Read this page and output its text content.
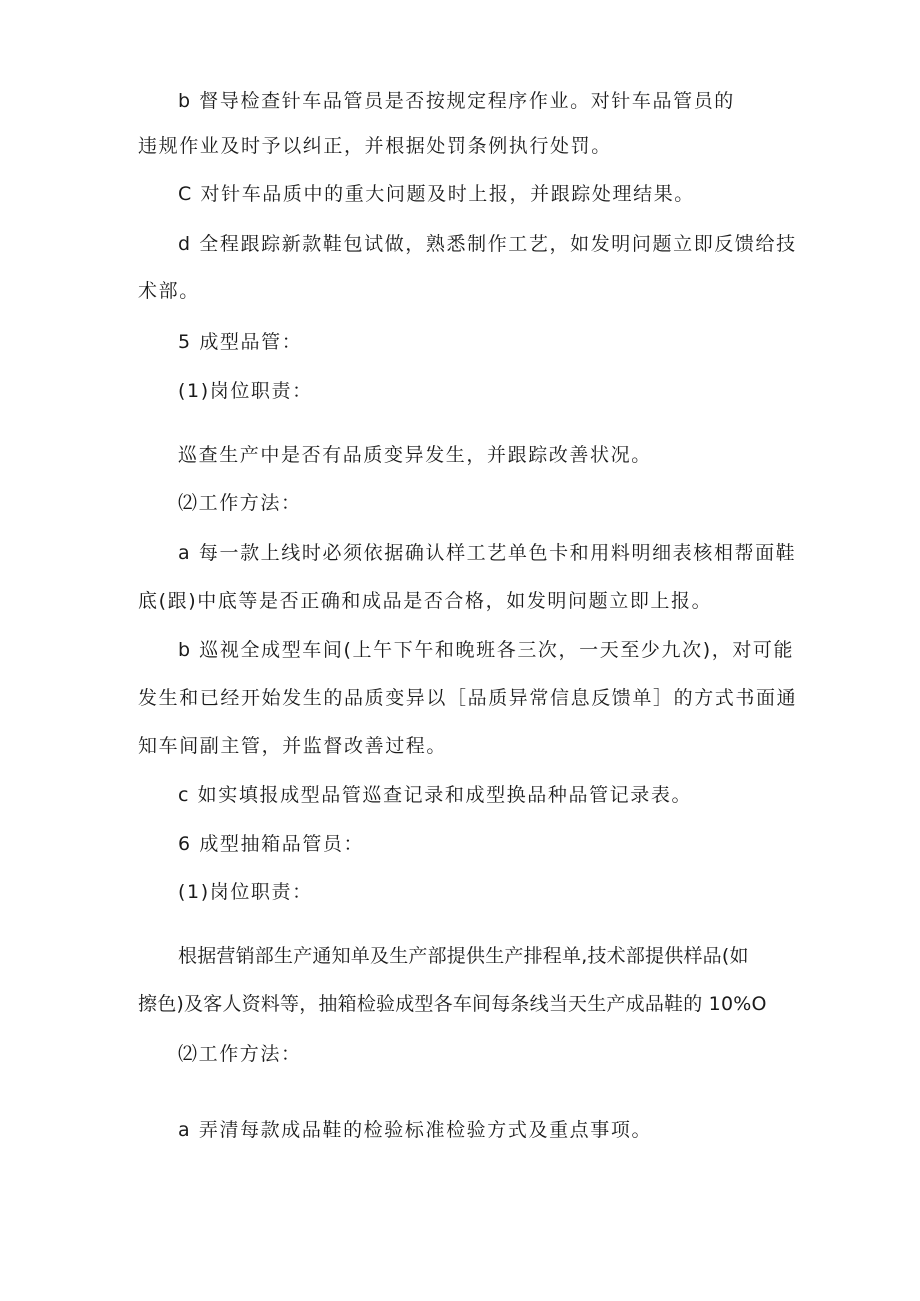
b 督导检查针车品管员是否按规定程序作业。对针车品管员的
违规作业及时予以纠正，并根据处罚条例执行处罚。
C 对针车品质中的重大问题及时上报，并跟踪处理结果。
d 全程跟踪新款鞋包试做，熟悉制作工艺，如发明问题立即反馈给技
术部。
5 成型品管：
(1)岗位职责：
巡查生产中是否有品质变异发生，并跟踪改善状况。
⑵工作方法：
a 每一款上线时必须依据确认样工艺单色卡和用料明细表核相帮面鞋
底(跟)中底等是否正确和成品是否合格，如发明问题立即上报。
b 巡视全成型车间(上午下午和晚班各三次，一天至少九次)，对可能
发生和已经开始发生的品质变异以［品质异常信息反馈单］的方式书面通
知车间副主管，并监督改善过程。
c 如实填报成型品管巡查记录和成型换品种品管记录表。
6 成型抽箱品管员：
(1)岗位职责：
根据营销部生产通知单及生产部提供生产排程单,技术部提供样品(如
擦色)及客人资料等，抽箱检验成型各车间每条线当天生产成品鞋的 10%O
⑵工作方法：
a 弄清每款成品鞋的检验标准检验方式及重点事项。
